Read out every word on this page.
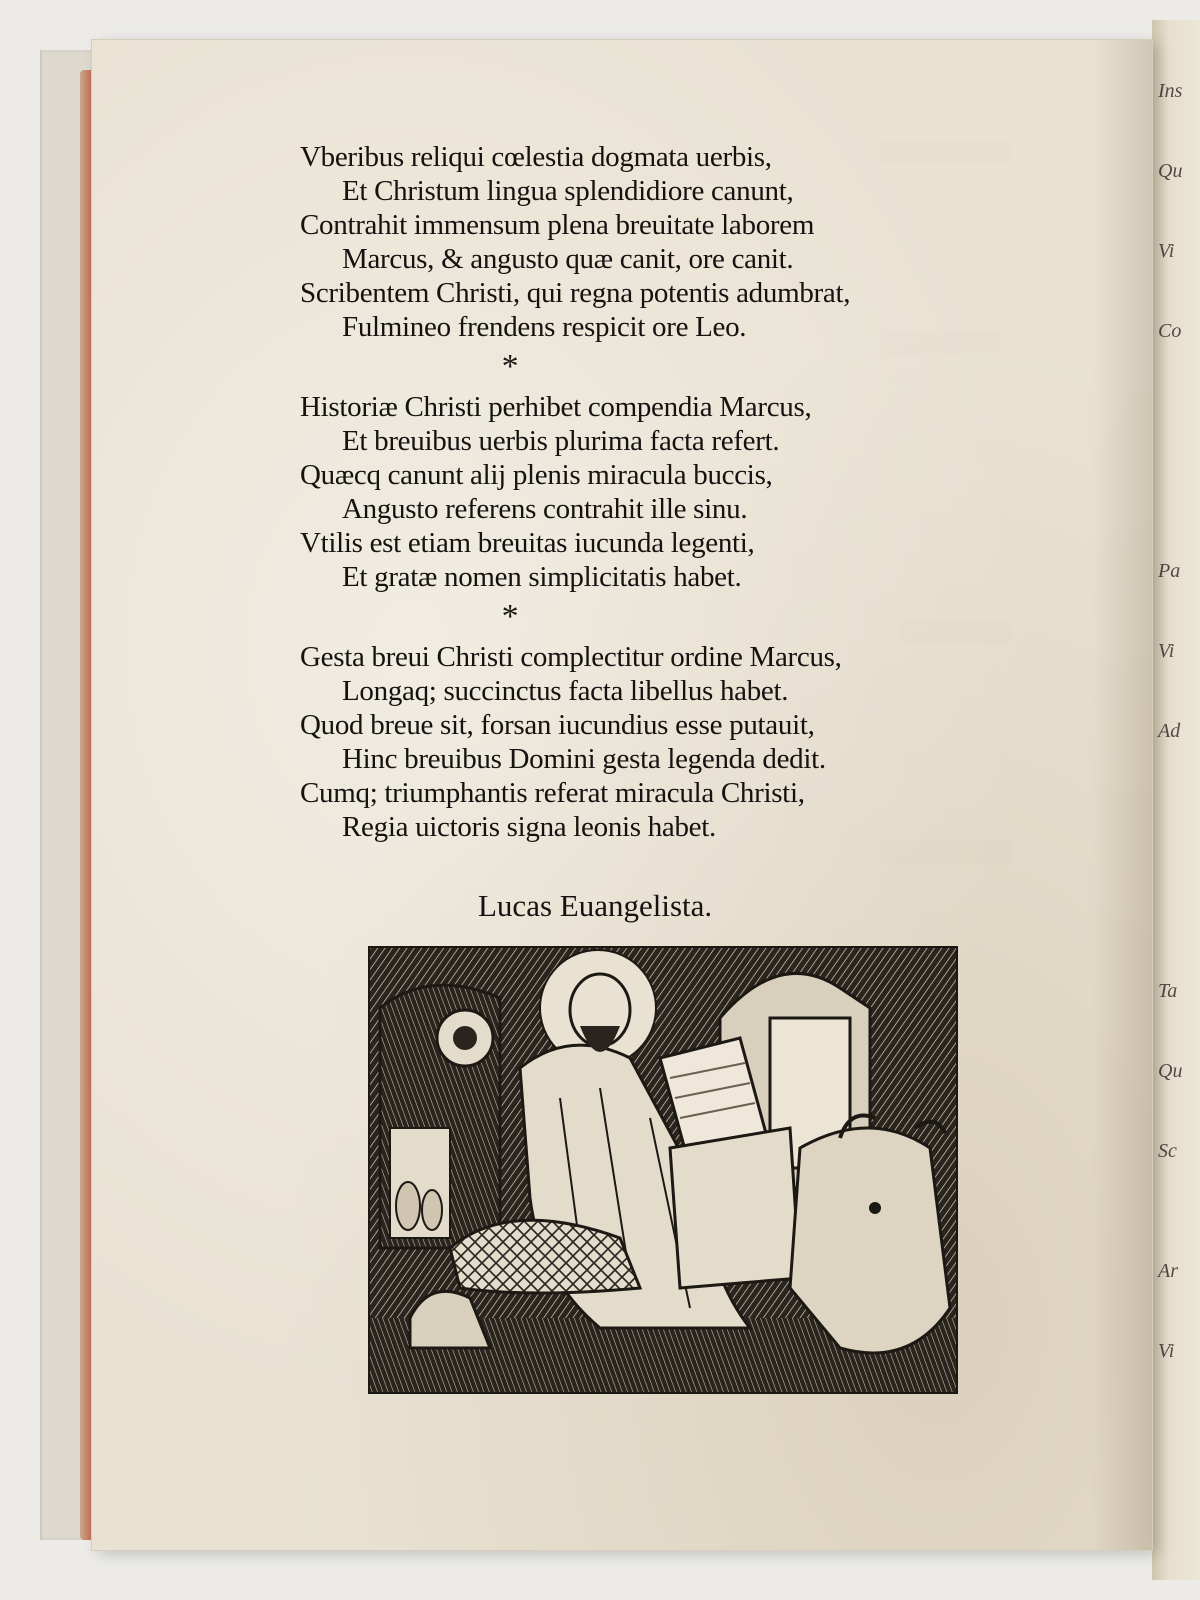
Ins
Qu
Vi
Co
Pa
Vi
Ad
Ta
Qu
Sc
Ar
Vi
Vberibus reliqui cœlestia dogmata uerbis,
Et Christum lingua splendidiore canunt,
Contrahit immensum plena breuitate laborem
Marcus, & angusto quæ canit, ore canit.
Scribentem Christi, qui regna potentis adumbrat,
Fulmineo frendens respicit ore Leo.
*
Historiæ Christi perhibet compendia Marcus,
Et breuibus uerbis plurima facta refert.
Quæcq canunt alij plenis miracula buccis,
Angusto referens contrahit ille sinu.
Vtilis est etiam breuitas iucunda legenti,
Et gratæ nomen simplicitatis habet.
*
Gesta breui Christi complectitur ordine Marcus,
Longaq; succinctus facta libellus habet.
Quod breue sit, forsan iucundius esse putauit,
Hinc breuibus Domini gesta legenda dedit.
Cumq; triumphantis referat miracula Christi,
Regia uictoris signa leonis habet.
Lucas Euangelista.
